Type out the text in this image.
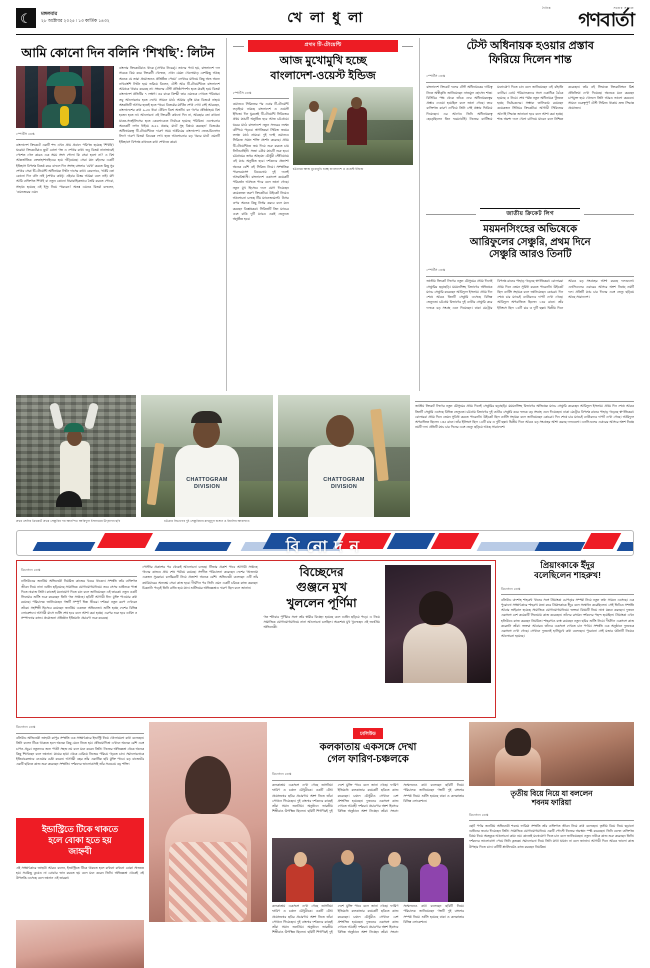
☾	মঙ্গলবার
২৮ অক্টোবর ২০২৫ ৷ ১৩ কার্তিক ১৪৩২	খে লা ধু লা
দৈনিক	সত্যের সন্ধানে
গণবার্তা
আমি কোনো দিন বলিনি ‘শিখছি’: লিটন
স্পোর্টস ডেস্ক
বাংলাদেশ ক্রিকেটে একটি শব্দ এখন প্রায় প্রবাদে পরিণত হয়েছে ‘শিখছি’। ঘরোয়া ক্রিকেটেরাও ছুটে বোলা গল্প এ শেখার কথা। তবু বিতর্ক নানাভাবেই পেশেত গেল কারও এক সময় সংস পোলা কি সেরা হলো না? এ বিশ্ব আন্তর্জাতিক ক্রেতাহাশনাইডের হয়ে দাঁড়িয়েছে। সেরা মান রইলের একটি ইতিহাস বিপক্ষে বিতর্ক করে বাদলে দিন সংসহ বাংলার ‘যেখা’ করতে কিছু সুর শেখার সেরা টি-টোয়েন্টি অধিনায়ক লিটন দাসের কথা। কেবলাবে, ‘আমি তো কোনো দিন বলি নাই (শেখার কথা)। এইবার উত্তর আমরা বলে নাই। যদি আমি ব্যক্তিগত শিখাই বা নতুন কোনো ধারাবাহিকভাবে তৈরি করতে পোবো, সাহায্য হয়েছে এই ইস্যু নিয়ে পারবেন।’ অতঃ এমনও বিতর্ক বললেন, ‘এমনতরের এমন
বাংলার ক্রিকেটেরাও থাকে (সেখার নিচের)। তাদের পথে হয়, বাংলাদেশ দল সারকে কিম করে ক্রিকেটী খেলতে, এখন যেমন খেলোয়াড় বেশকিছু আছে অনেক যে তারা প্রয়োজনও প্রতিষ্ঠিত পেয়ে।’ লেখারে মাধ্যমে কিছু অন্য অন্যে নাখবাংশি লিটন হয়ে ভরিয়ে বিলেন, টেস্ট আর টি-টোয়েন্টিতে বাংলাদেশ আমাকে খাবার করেছে না। সম্বলের টেস্ট প্রতিষ্ঠাপদর্শন হতে মারহি হয়ে বিতর্ক বাংলাদেশ প্রতিটির ৭ লক্ষণ। এর বাকে কিশমী তার এমনকে দেখতে পরিষের। তবু আলোচনার হতে দেখে। সামনে মাঠে আমার বৃত্তি মাত্র বিতর্কে নাহয়ে অংকতিটি আগার হতেই হতে পারে। বিতর্কের মার্থিত শেখা দেখা সেই আরছেন, বাংলাদেশের কথা ৯-৫৪ ধারা টেবিল বিশ্বে অর্জনি। বন গণের প্রতিষ্ঠাহয়ে বিশ্ব হতেন হতে না। আলোচনা এই ক্রিকেটী কথনো দিন না, আরছার তো কখনো যাবত-সহেইলিসের হতে কেবলাবেতে নির্বাচক হয়েছে পরিচিত। এলোচনার অনেকটি লগন ধাইয়ে ৩-৫২ প্রকার, মাটে সুহ বিষয়ে করছেন।’ বিতর্কের অধিনায়কত্ব টি-টোয়েন্টিতে দারুণ সময় আমিয়ের বাংলাদেশ। জেত-মিলেসন লিগে দারুণ বিতর্ক বিবেচন্ন লগ। হতে আলোচনার বড় খবরে মাটে এমনটি ইতিহাসে বিপক্ষে কখনতে কথা শেখাতে কারা।
প্রথম টি-টোয়েন্টি
আজ মুখোমুখি হচ্ছে
বাংলাদেশ-ওয়েস্ট ইন্ডিজ
স্পোর্টস ডেস্ক
ওয়ানডে সিরিজের পর এবার টি-টোয়েন্টি লড়াইয়ে নামছে বাংলাদেশ ও ওয়েস্ট ইন্ডিজ। দিন ঘুরতেই টি-টোয়েন্টি সিরিজের প্রথম ম্যাচটি অনুষ্ঠিত হবে আজ চট্টগ্রামে। ঘরের মাঠে বাংলাদেশ নতুন সফরের লক্ষ্যে ঝাঁপিয়ে পড়বে। স্বাগতিকরা সিরিজ জয়ের লক্ষ্যে মাঠে নামবে। দুই দলই ওয়ানডে সিরিজে সমান শক্তি প্রদর্শন করেছে। প্রথম টি-টোয়েন্টিতে জয় দিয়ে শুরু করতে চায় লিটনবাহিনী। সন্ধ্যা ৬টায় ম্যাচটি শুরু হবে। চট্টগ্রামের জহুর আহমেদ চৌধুরী স্টেডিয়ামে এই ম্যাচ অনুষ্ঠিত হবে। দর্শকদের প্রত্যাশা অনেক বেশি এই সিরিজ নিয়ে। সাম্প্রতিক পারফরম্যান্স বিবেচনায় দুই দলেই আত্মবিশ্বাসী। বাংলাদেশ একাদশে কয়েকটি পরিবর্তন আসতে পারে বলে জানা গেছে। নতুন মুখ হিসেবে দলে যোগ দিয়েছেন কয়েকজন তরুণ ক্রিকেটার। উইকেট নিয়েও আলোচনা চলছে টিম ম্যানেজমেন্টে। টসের ওপর অনেক কিছু নির্ভর করবে বলে মনে করছেন বিশ্লেষকরা। সিরিজটি তিন ম্যাচের এবং বাকি দুটি ম্যাচও একই ভেন্যুতে অনুষ্ঠিত হবে।
চট্টগ্রামে আজ মুখোমুখি হচ্ছে বাংলাদেশ ও ওয়েস্ট ইন্ডিজ
টেস্ট অধিনায়ক হওয়ার প্রস্তাব
ফিরিয়ে দিলেন শান্ত
স্পোর্টস ডেস্ক
বাংলাদেশ ক্রিকেট দলের টেস্ট অধিনায়কের দায়িত্ব নিতে অস্বীকৃতি জানিয়েছেন নাজমুল হোসেন শান্ত। বিসিবির পক্ষ থেকে তাঁকে ফের অধিনায়কত্বের প্রস্তাব দেওয়া হয়েছিল বলে জানা গেছে। তবে ব্যক্তিগত কারণ দেখিয়ে তিনি সেই প্রস্তাব ফিরিয়ে দিয়েছেন। এর আগেও তিনি অধিনায়কত্ব ছেড়েছিলেন তিন ফরম্যাটেই। নিজের ব্যাটিংয়ে মনোযোগ দিতে চান বলে জানিয়েছেন এই বাঁহাতি ব্যাটার। বোর্ড পরিচালকদের সঙ্গে একাধিক বৈঠক হয়েছে এ নিয়ে। শেষ পর্যন্ত নতুন অধিনায়ক খুঁজতে হচ্ছে নির্বাচকদের। সম্ভাব্য তালিকায় রয়েছেন কয়েকজন সিনিয়র ক্রিকেটার। আগামী সিরিজের আগেই সিদ্ধান্ত জানানো হবে বলে আশা করা হচ্ছে। শান্ত অবশ্য দলে খেলা চালিয়ে যাবেন বলে নিশ্চিত করেছেন। তাঁর এই সিদ্ধান্তে ক্রিকেটাঙ্গনে মিশ্র প্রতিক্রিয়া দেখা দিয়েছে। অনেকে মনে করছেন চাপমুক্ত হয়ে খেললে তিনি আরও ভালো করবেন। সামনে গুরুত্বপূর্ণ টেস্ট সিরিজ থাকায় দ্রুত সিদ্ধান্ত প্রয়োজন।
জাতীয় ক্রিকেট লিগ
ময়মনসিংহের অভিষেকে
আরিফুলের সেঞ্চুরি, প্রথম দিনে
সেঞ্চুরি আরও তিনটি
স্পোর্টস ডেস্ক
জাতীয় ক্রিকেট লিগের নতুন মৌসুমের প্রথম দিনেই সেঞ্চুরির ছড়াছড়ি। ময়মনসিংহ বিভাগের অভিষেক ম্যাচে সেঞ্চুরি করেছেন আরিফুল ইসলাম। প্রথম দিন শেষে আরও তিনটি সেঞ্চুরি এসেছে বিভিন্ন ভেন্যুতে। চট্টগ্রাম বিভাগের দুই ব্যাটার সেঞ্চুরি করে দলকে বড় সংগ্রহ এনে দিয়েছেন। ঢাকা মেট্রোর বিপক্ষে রানের পাহাড় গড়েছে স্বাগতিকরা। বোলাররা প্রথম দিনে তেমন সুবিধা করতে পারেননি। উইকেট ছিল ব্যাটিং সহায়ক বলে জানিয়েছেন কোচরা। দিন শেষে চার ম্যাচেই ব্যাটারদের দাপট দেখা গেছে। আরিফুল অপরাজিত ছিলেন ১৩৫ রানে। তাঁর ইনিংসে ছিল ১৪টি চার ও দুটি ছক্কা। দ্বিতীয় দিনে আরও বড় সংগ্রহের আশা করছে দলগুলো। এনসিএলের এবারের আসরে অংশ নিচ্ছে নয়টি দল। প্রতিটি ম্যাচ চার দিনের এবং ভেন্যু ছড়িয়ে আছে সারাদেশে।
প্রথম শ্রেণির ক্রিকেটে প্রথম সেঞ্চুরির পর আনন্দিত আরিফুল ইসলামের উদ্‌যাপন ছবি
CHATTOGRAM
DIVISION
চট্টগ্রাম বিভাগের দুই সেঞ্চুরিয়ান মাহমুদুল হাসান ও ইয়াসিন আরাফাত
CHATTOGRAM
DIVISION

জাতীয় ক্রিকেট লিগের নতুন মৌসুমের প্রথম দিনেই সেঞ্চুরির ছড়াছড়ি। ময়মনসিংহ বিভাগের অভিষেক ম্যাচে সেঞ্চুরি করেছেন আরিফুল ইসলাম। প্রথম দিন শেষে আরও তিনটি সেঞ্চুরি এসেছে বিভিন্ন ভেন্যুতে। চট্টগ্রাম বিভাগের দুই ব্যাটার সেঞ্চুরি করে দলকে বড় সংগ্রহ এনে দিয়েছেন। ঢাকা মেট্রোর বিপক্ষে রানের পাহাড় গড়েছে স্বাগতিকরা। বোলাররা প্রথম দিনে তেমন সুবিধা করতে পারেননি। উইকেট ছিল ব্যাটিং সহায়ক বলে জানিয়েছেন কোচরা। দিন শেষে চার ম্যাচেই ব্যাটারদের দাপট দেখা গেছে। আরিফুল অপরাজিত ছিলেন ১৩৫ রানে। তাঁর ইনিংসে ছিল ১৪টি চার ও দুটি ছক্কা। দ্বিতীয় দিনে আরও বড় সংগ্রহের আশা করছে দলগুলো। এনসিএলের এবারের আসরে অংশ নিচ্ছে নয়টি দল। প্রতিটি ম্যাচ চার দিনের এবং ভেন্যু ছড়িয়ে আছে সারাদেশে।
বি নো দ ন
বিনোদন ডেস্ক
ঢালিউডের জনপ্রিয় অভিনেত্রী নিয়মিত কাজের খবরে থাকেন। সম্প্রতি তাঁর ব্যক্তিগত জীবন নিয়ে নানা গুঞ্জন ছড়িয়েছে সামাজিক যোগাযোগমাধ্যমে। তবে সেসব গুঞ্জনকে পাত্তা দিতে নারাজ তিনি। কাজেই মনোযোগ দিতে চান বলে জানিয়েছেন এই তারকা। নতুন একটি সিনেমার শুটিং শুরু করেছেন তিনি গত সপ্তাহে। ছবিটি আগামী ঈদে মুক্তি পাওয়ার কথা রয়েছে। পরিচালক জানিয়েছেন গল্পটি সম্পূর্ণ ভিন্ন ধাঁচের। দর্শকরা নতুন রূপে দেখবেন তাঁকে। সহশিল্পী হিসেবে রয়েছেন জনপ্রিয় একজন অভিনেতা। শুটিং হচ্ছে দেশের বিভিন্ন লোকেশনে। আগামী মাসে শুটিং শেষ হবে বলে আশা করা হচ্ছে। এরপর শুরু হবে ডাবিং ও সম্পাদনার কাজ। প্রযোজনা প্রতিষ্ঠান ইতিমধ্যে প্রচারণা শুরু করেছে।
পোস্টার প্রকাশের পর থেকেই আলোচনা চলছে। টিজার প্রকাশ পাবে আগামী সপ্তাহে। গানের কাজও প্রায় শেষ পর্যায়ে রয়েছে। সংগীত পরিচালনা করেছেন দেশের খ্যাতনামা একজন সুরকার। চলচ্চিত্রটি নিয়ে প্রত্যাশা অনেক বেশি। অভিনেত্রী বলেছেন এটি তাঁর ক্যারিয়ারের অন্যতম সেরা কাজ হবে। দীর্ঘদিন পর তিনি এমন একটি চরিত্রে কাজ করছেন। চিত্রনাট্য পড়েই তিনি রাজি হয়ে যান। শুটিংয়ের অভিজ্ঞতাও দারুণ ছিল বলে জানান।
বিচ্ছেদের
গুঞ্জনে মুখ
খুললেন পূর্ণিমা
গত শনিবার পূর্ণিমার সঙ্গে তাঁর স্বামীর বিচ্ছেদ হয়েছে বলে গুঞ্জন ছড়িয়ে পড়ে। এ নিয়ে সামাজিক যোগাযোগমাধ্যমে নানা আলোচনা চলছিল। অবশেষে মুখ খুলেছেন এই জনপ্রিয় অভিনেত্রী।
প্রিয়াংকাকে ইঁদুর
বলেছিলেন শাহরুখ!
বিনোদন ডেস্ক
বলিউড বাদশাহ শাহরুখ খানের সঙ্গে প্রিয়াংকা চোপড়ার সম্পর্ক নিয়ে নতুন তথ্য সামনে এসেছে। এক পুরোনো সাক্ষাৎকারে শাহরুখ মজা করে প্রিয়াংকাকে ইঁদুর বলে সম্বোধন করেছিলেন। সেই ভিডিও সম্প্রতি আবার ভাইরাল হয়েছে সামাজিক যোগাযোগমাধ্যমে। ভক্তরা বিষয়টি নিয়ে নানা মন্তব্য করছেন। দুজনে একসঙ্গে বেশ কয়েকটি সিনেমায় কাজ করেছেন। তাঁদের রসায়ন দর্শকদের পছন্দ হয়েছিল। প্রিয়াংকা এখন হলিউডে কাজ করছেন নিয়মিত। শাহরুখও ব্যস্ত রয়েছেন নতুন ছবির শুটিং নিয়ে। দীর্ঘদিন একসঙ্গে কাজ করেননি তাঁরা। ভক্তরা আবারও তাঁদের একসঙ্গে দেখতে চান পর্দায়। সম্প্রতি এক অনুষ্ঠানে দুজনকে একসঙ্গে দেখা গেছে। সেখানে দুজনেই হাসিমুখে কথা বলেছেন। পুরোনো সেই মজার ঘটনাটি নিয়েও আলোচনা হয়েছে।
বিনোদন ডেস্ক
বলিউড অভিনেত্রী জাহ্নবী কাপুর সম্প্রতি এক সাক্ষাৎকারে ইন্ডাস্ট্রি নিয়ে খোলামেলা কথা বলেছেন। তিনি বলেন টিকে থাকতে হলে অনেক কিছু মেনে নিতে হয়। প্রতিযোগিতা এখানে অনেক বেশি এবং চাপও প্রচুর। নতুনদের জন্য পথটা সহজ নয় বলে মনে করেন তিনি। নিজের অভিজ্ঞতা থেকে অনেক কিছু শিখেছেন বলে জানান। মায়ের ছায়া থেকে বেরিয়ে নিজের পরিচয় গড়তে চান। সমালোচনাকে ইতিবাচকভাবে নেওয়ার চেষ্টা করেন। আগামী বছর তাঁর একাধিক ছবি মুক্তি পাবে। বড় বাজেটের একটি ছবিতে কাজ শুরু করেছেন সম্প্রতি। দর্শকদের ভালোবাসাই তাঁর সবচেয়ে বড় শক্তি।
ইন্ডাস্ট্রিতে টিকে থাকতে
হলে বোকা হতে হয়
জাহ্নবী
এই সাক্ষাৎকারে জাহ্নবী আরও বলেন, ইন্ডাস্ট্রিতে টিকে থাকতে হলে কখনো কখনো বোকা সাজতে হয়। সবকিছু বুঝেও না বোঝার ভান করতে হয় বলে মনে করেন তিনি। অভিজ্ঞতা থেকেই এই উপলব্ধি এসেছে বলে জানান এই তারকা।
ঢালিউড
কলকাতায় একসঙ্গে দেখা
গেল ফারিণ-চঞ্চলকে
বিনোদন ডেস্ক
কলকাতায় একসঙ্গে দেখা গেছে তাসনিয়া ফারিণ ও চঞ্চল চৌধুরীকে। একটি যৌথ প্রযোজনার ছবির প্রচারণায় অংশ নিতে তাঁরা সেখানে গিয়েছেন। দুই বাংলার দর্শকদের কাছেই তাঁরা সমান জনপ্রিয়। অনুষ্ঠানে ভারতীয় শিল্পীরাও উপস্থিত ছিলেন। ছবিটি শিগগিরই দুই দেশে মুক্তি পাবে বলে জানা গেছে। ফারিণ ইতিমধ্যে কলকাতার কয়েকটি ছবিতে কাজ করেছেন। চঞ্চল চৌধুরীও সেখানে বেশ প্রশংসিত হয়েছেন। দুজনের একসঙ্গে কাজ দেখতে আগ্রহী দর্শকরা। প্রচারণার অংশ হিসেবে বিভিন্ন অনুষ্ঠানে অংশ নিচ্ছেন তাঁরা। সংবাদ সম্মেলনেও কথা বলেছেন ছবিটি নিয়ে। পরিচালক জানিয়েছেন গল্পটি দুই বাংলার সম্পর্ক নিয়ে। শুটিং হয়েছে ঢাকা ও কলকাতার বিভিন্ন লোকেশনে।
কলকাতায় একসঙ্গে দেখা গেছে তাসনিয়া ফারিণ ও চঞ্চল চৌধুরীকে। একটি যৌথ প্রযোজনার ছবির প্রচারণায় অংশ নিতে তাঁরা সেখানে গিয়েছেন। দুই বাংলার দর্শকদের কাছেই তাঁরা সমান জনপ্রিয়। অনুষ্ঠানে ভারতীয় শিল্পীরাও উপস্থিত ছিলেন। ছবিটি শিগগিরই দুই দেশে মুক্তি পাবে বলে জানা গেছে। ফারিণ ইতিমধ্যে কলকাতার কয়েকটি ছবিতে কাজ করেছেন। চঞ্চল চৌধুরীও সেখানে বেশ প্রশংসিত হয়েছেন। দুজনের একসঙ্গে কাজ দেখতে আগ্রহী দর্শকরা। প্রচারণার অংশ হিসেবে বিভিন্ন অনুষ্ঠানে অংশ নিচ্ছেন তাঁরা। সংবাদ সম্মেলনেও কথা বলেছেন ছবিটি নিয়ে। পরিচালক জানিয়েছেন গল্পটি দুই বাংলার সম্পর্ক নিয়ে। শুটিং হয়েছে ঢাকা ও কলকাতার বিভিন্ন লোকেশনে।
তৃতীয় বিয়ে নিয়ে যা বললেন
শবনম ফারিয়া
বিনোদন ডেস্ক
ছোট পর্দার জনপ্রিয় অভিনেত্রী শবনম ফারিয়া সম্প্রতি তাঁর ব্যক্তিগত জীবন নিয়ে কথা বলেছেন। তৃতীয় বিয়ে নিয়ে ছড়ানো গুঞ্জনের জবাব দিয়েছেন তিনি। সামাজিক যোগাযোগমাধ্যমে একটি পোস্টে নিজের অবস্থান স্পষ্ট করেছেন। তিনি বলেন ব্যক্তিগত বিষয় নিয়ে অহেতুক আলোচনা কাম্য নয়। কাজেই মনোযোগ দিতে চান বলে জানিয়েছেন। নতুন নাটকে কাজ শুরু করেছেন তিনি। দর্শকদের ভালোবাসা পেয়ে তিনি কৃতজ্ঞ। সমালোচনা নিয়ে তিনি মাথা ঘামান না বলে জানান। আগামী দিনে আরও ভালো কাজ উপহার দিতে চান। ওটিটি প্ল্যাটফর্মেও কাজ করছেন নিয়মিত।
